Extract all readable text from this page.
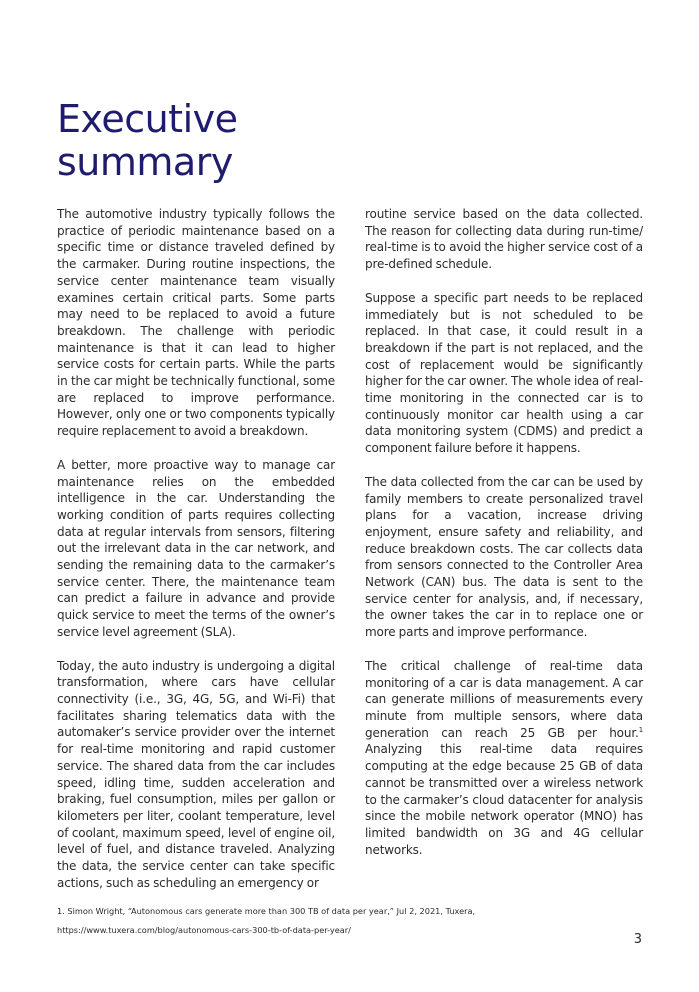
Executive
summary

The automotive industry typically follows the practice of periodic maintenance based on a specific time or distance traveled defined by the carmaker. During routine inspections, the service center maintenance team visually examines certain critical parts. Some parts may need to be replaced to avoid a future breakdown. The challenge with periodic maintenance is that it can lead to higher service costs for certain parts. While the parts in the car might be technically functional, some are replaced to improve performance. However, only one or two components typically require replacement to avoid a breakdown.

A better, more proactive way to manage car maintenance relies on the embedded intelligence in the car. Understanding the working condition of parts requires collecting data at regular intervals from sensors, filtering out the irrelevant data in the car network, and sending the remaining data to the carmaker’s service center. There, the maintenance team can predict a failure in advance and provide quick service to meet the terms of the owner’s service level agreement (SLA).

Today, the auto industry is undergoing a digital transformation, where cars have cellular connectivity (i.e., 3G, 4G, 5G, and Wi-Fi) that facilitates sharing telematics data with the automaker’s service provider over the internet for real-time monitoring and rapid customer service. The shared data from the car includes speed, idling time, sudden acceleration and braking, fuel consumption, miles per gallon or kilometers per liter, coolant temperature, level of coolant, maximum speed, level of engine oil, level of fuel, and distance traveled. Analyzing the data, the service center can take specific actions, such as scheduling an emergency or

routine service based on the data collected. The reason for collecting data during run-time/ real-time is to avoid the higher service cost of a pre-defined schedule.

Suppose a specific part needs to be replaced immediately but is not scheduled to be replaced. In that case, it could result in a breakdown if the part is not replaced, and the cost of replacement would be significantly higher for the car owner. The whole idea of real-time monitoring in the connected car is to continuously monitor car health using a car data monitoring system (CDMS) and predict a component failure before it happens.

The data collected from the car can be used by family members to create personalized travel plans for a vacation, increase driving enjoyment, ensure safety and reliability, and reduce breakdown costs. The car collects data from sensors connected to the Controller Area Network (CAN) bus. The data is sent to the service center for analysis, and, if necessary, the owner takes the car in to replace one or more parts and improve performance.

The critical challenge of real-time data monitoring of a car is data management. A car can generate millions of measurements every minute from multiple sensors, where data generation can reach 25 GB per hour.$^1$ Analyzing this real-time data requires computing at the edge because 25 GB of data cannot be transmitted over a wireless network to the carmaker’s cloud datacenter for analysis since the mobile network operator (MNO) has limited bandwidth on 3G and 4G cellular networks.

1. Simon Wright, “Autonomous cars generate more than 300 TB of data per year,” Jul 2, 2021, Tuxera,
https://www.tuxera.com/blog/autonomous-cars-300-tb-of-data-per-year/
3
